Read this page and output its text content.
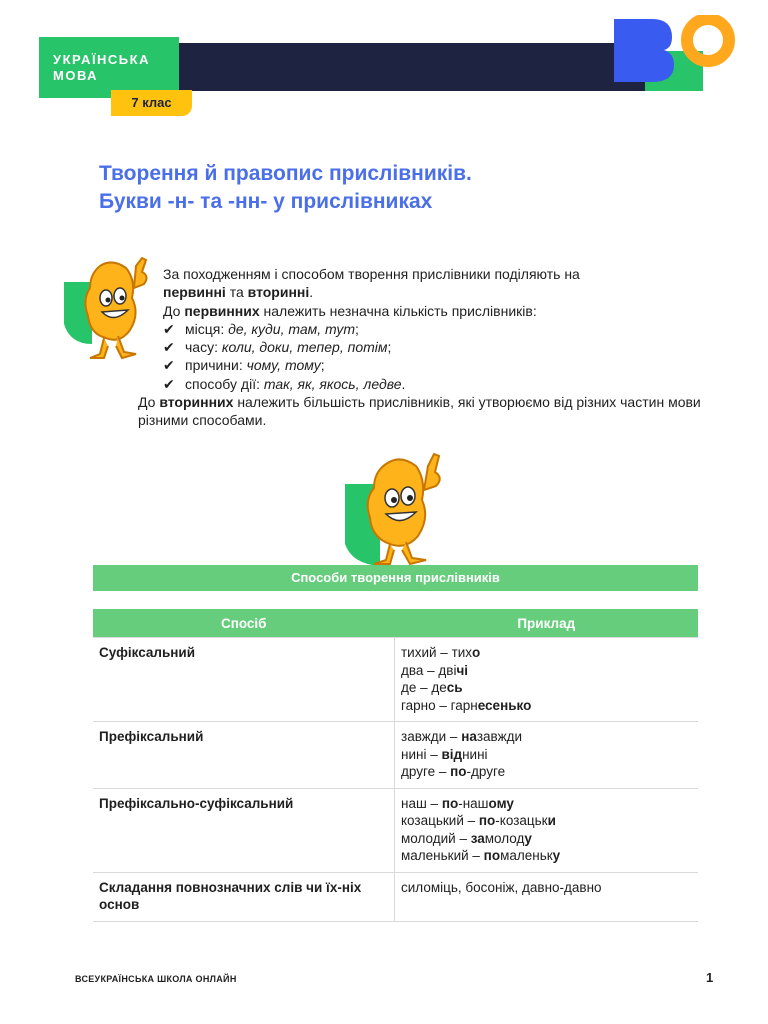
УКРАЇНСЬКА
МОВА
7 клас
Творення й правопис прислівників.
Букви -н- та -нн- у прислівниках

За походженням і способом творення прислівники поділяють на
первинні та вторинні.

До первинних належить незначна кількість прислівників:

✔ місця: де, куди, там, тут;
✔ часу: коли, доки, тепер, потім;
✔ причини: чому, тому;
✔ способу дії: так, як, якось, ледве.

До вторинних належить більшість прислівників, які утворюємо від різних частин мови різними способами.

Способи творення прислівників
Спосіб	Приклад
Суфіксальний	тихий – тихо
два – двічі
де – десь
гарно – гарнесенько

Префіксальний	завжди – назавжди
нині – віднині
друге – по-друге

Префіксально-суфіксальний	наш – по-нашому
козацький – по-козацьки
молодий – замолоду
маленький – помаленьку

Складання повнозначних слів чи їх-ніх основ	силоміць, босоніж, давно-давно
ВСЕУКРАЇНСЬКА ШКОЛА ОНЛАЙН	1
